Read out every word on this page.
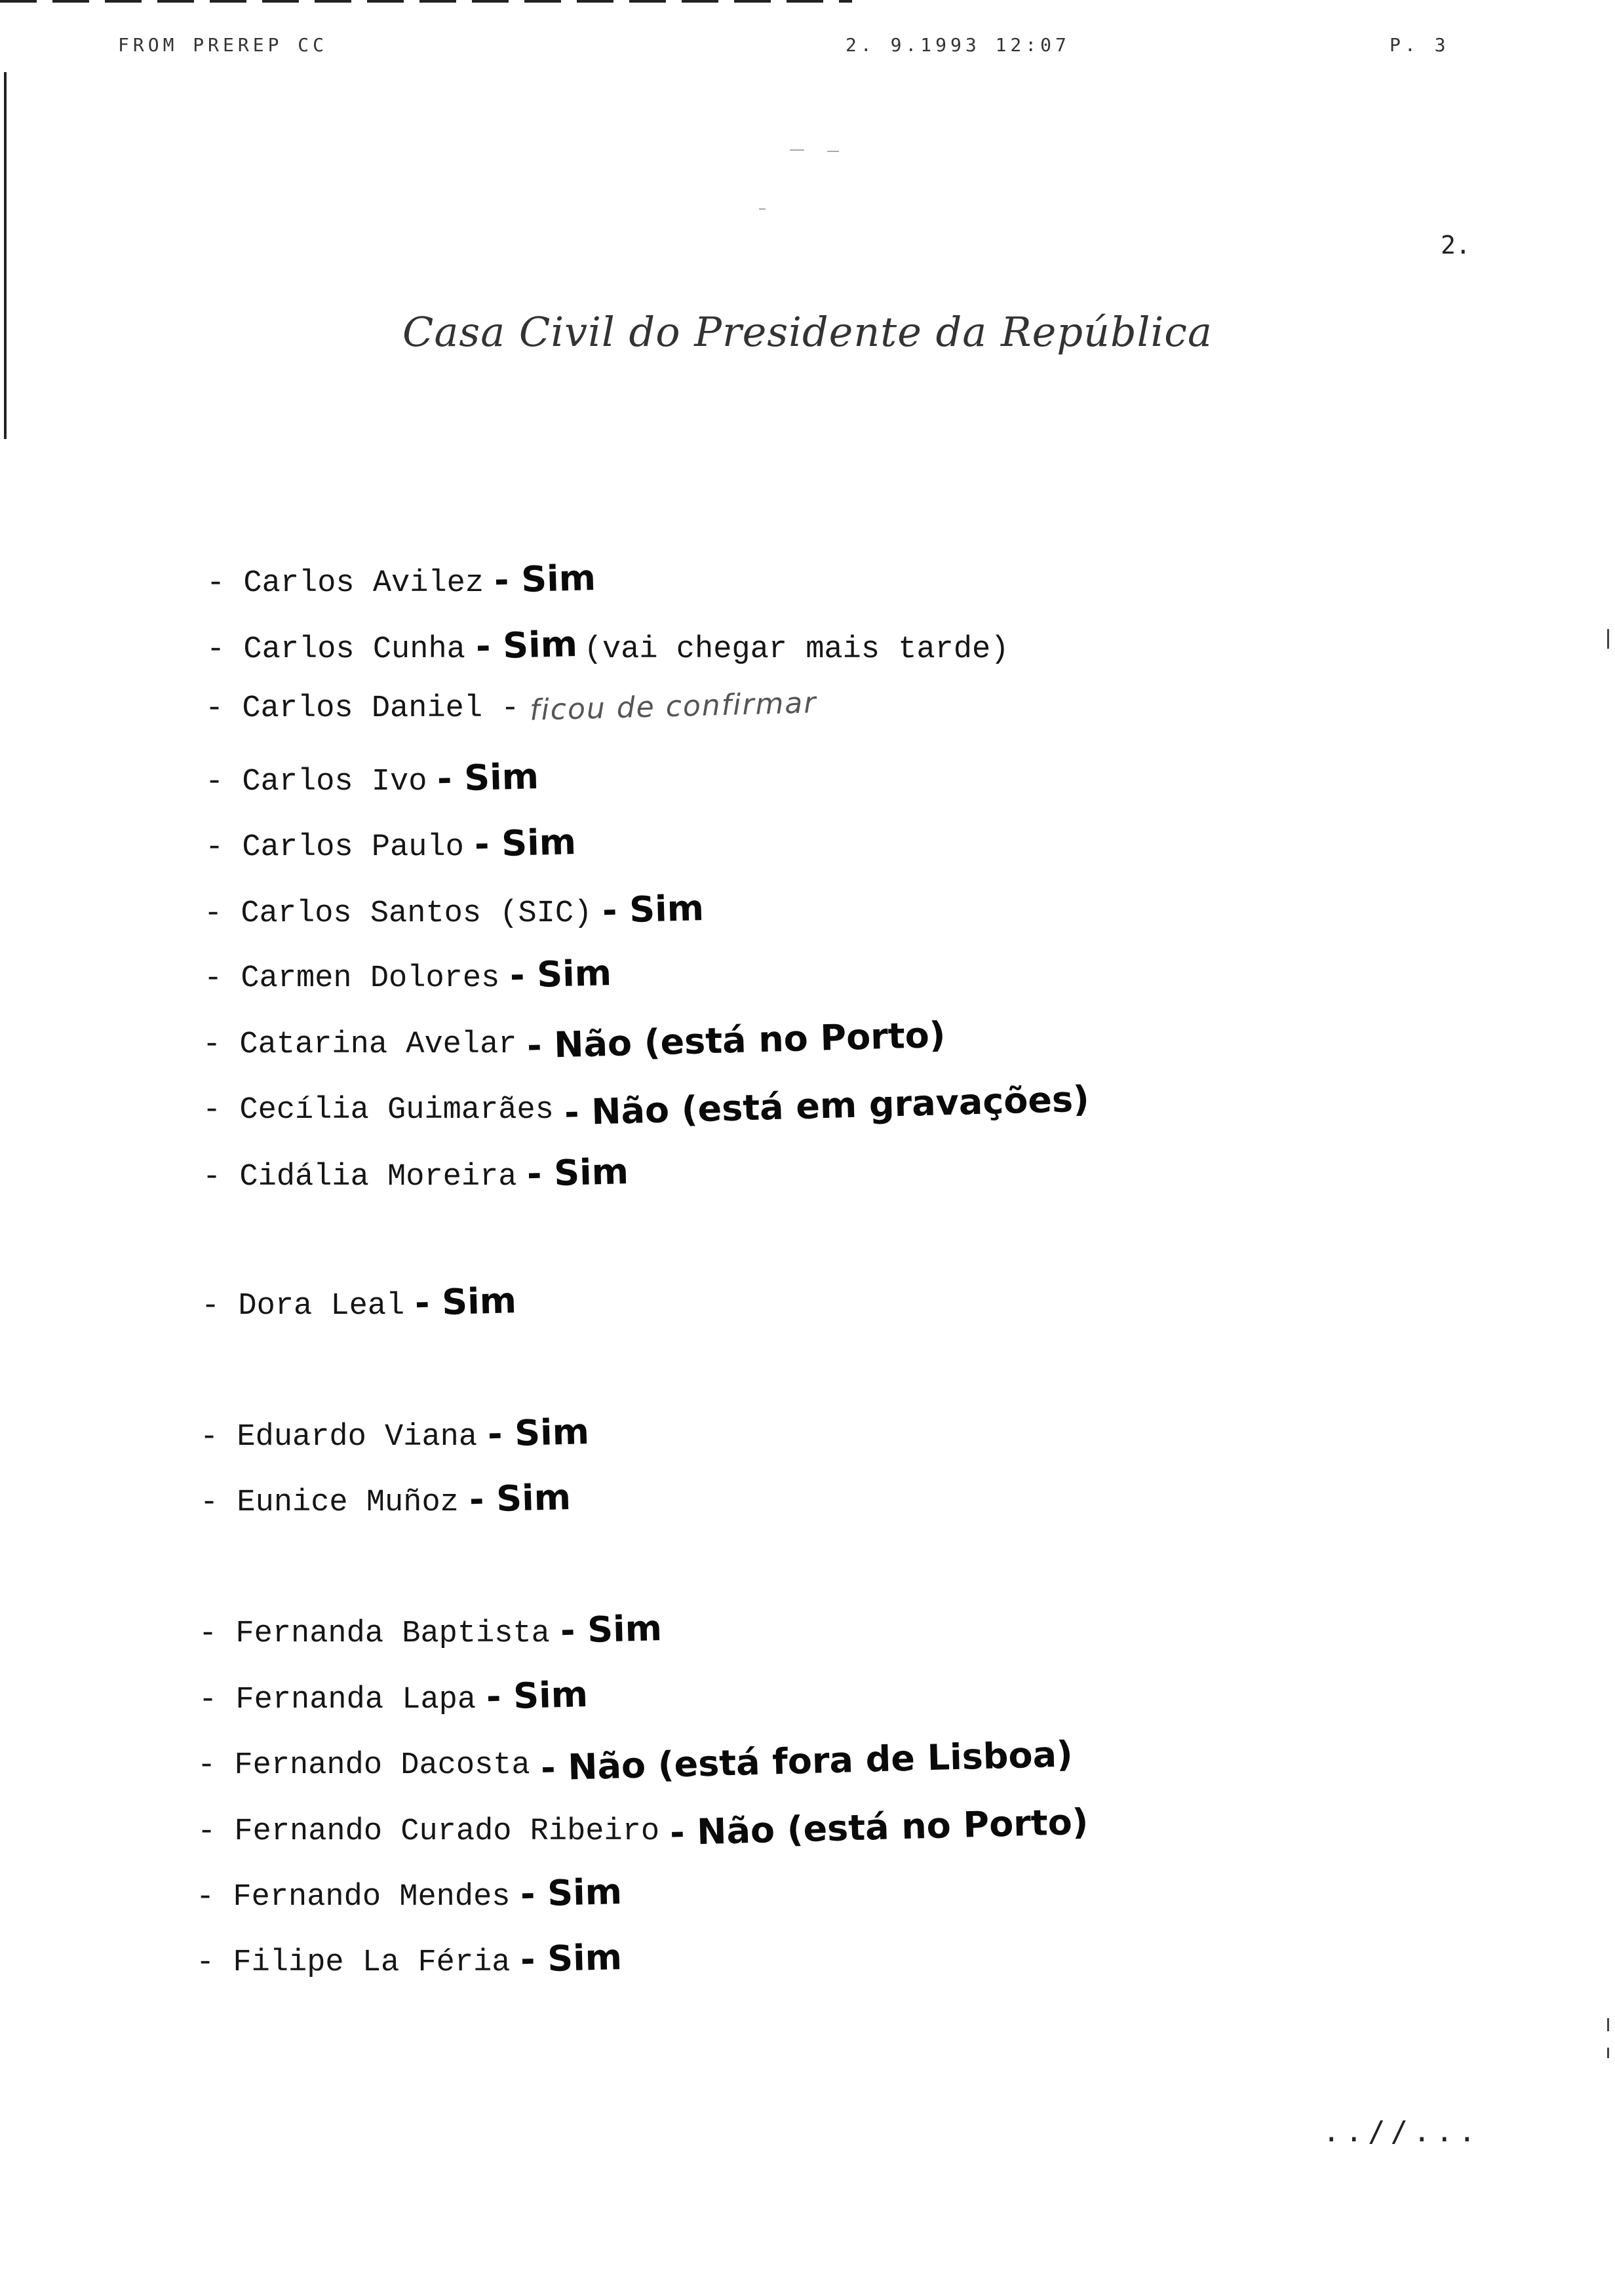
FROM PREREP CC	2. 9.1993 12:07	P. 3
2.
Casa Civil do Presidente da República
- Carlos Avilez - Sim
- Carlos Cunha - Sim (vai chegar mais tarde)
- Carlos Daniel - ficou de confirmar
- Carlos Ivo - Sim
- Carlos Paulo - Sim
- Carlos Santos (SIC) - Sim
- Carmen Dolores - Sim
- Catarina Avelar - Não (está no Porto)
- Cecília Guimarães - Não (está em gravações)
- Cidália Moreira - Sim
- Dora Leal - Sim
- Eduardo Viana - Sim
- Eunice Muñoz - Sim
- Fernanda Baptista - Sim
- Fernanda Lapa - Sim
- Fernando Dacosta - Não (está fora de Lisboa)
- Fernando Curado Ribeiro - Não (está no Porto)
- Fernando Mendes - Sim
- Filipe La Féria - Sim
..//...
